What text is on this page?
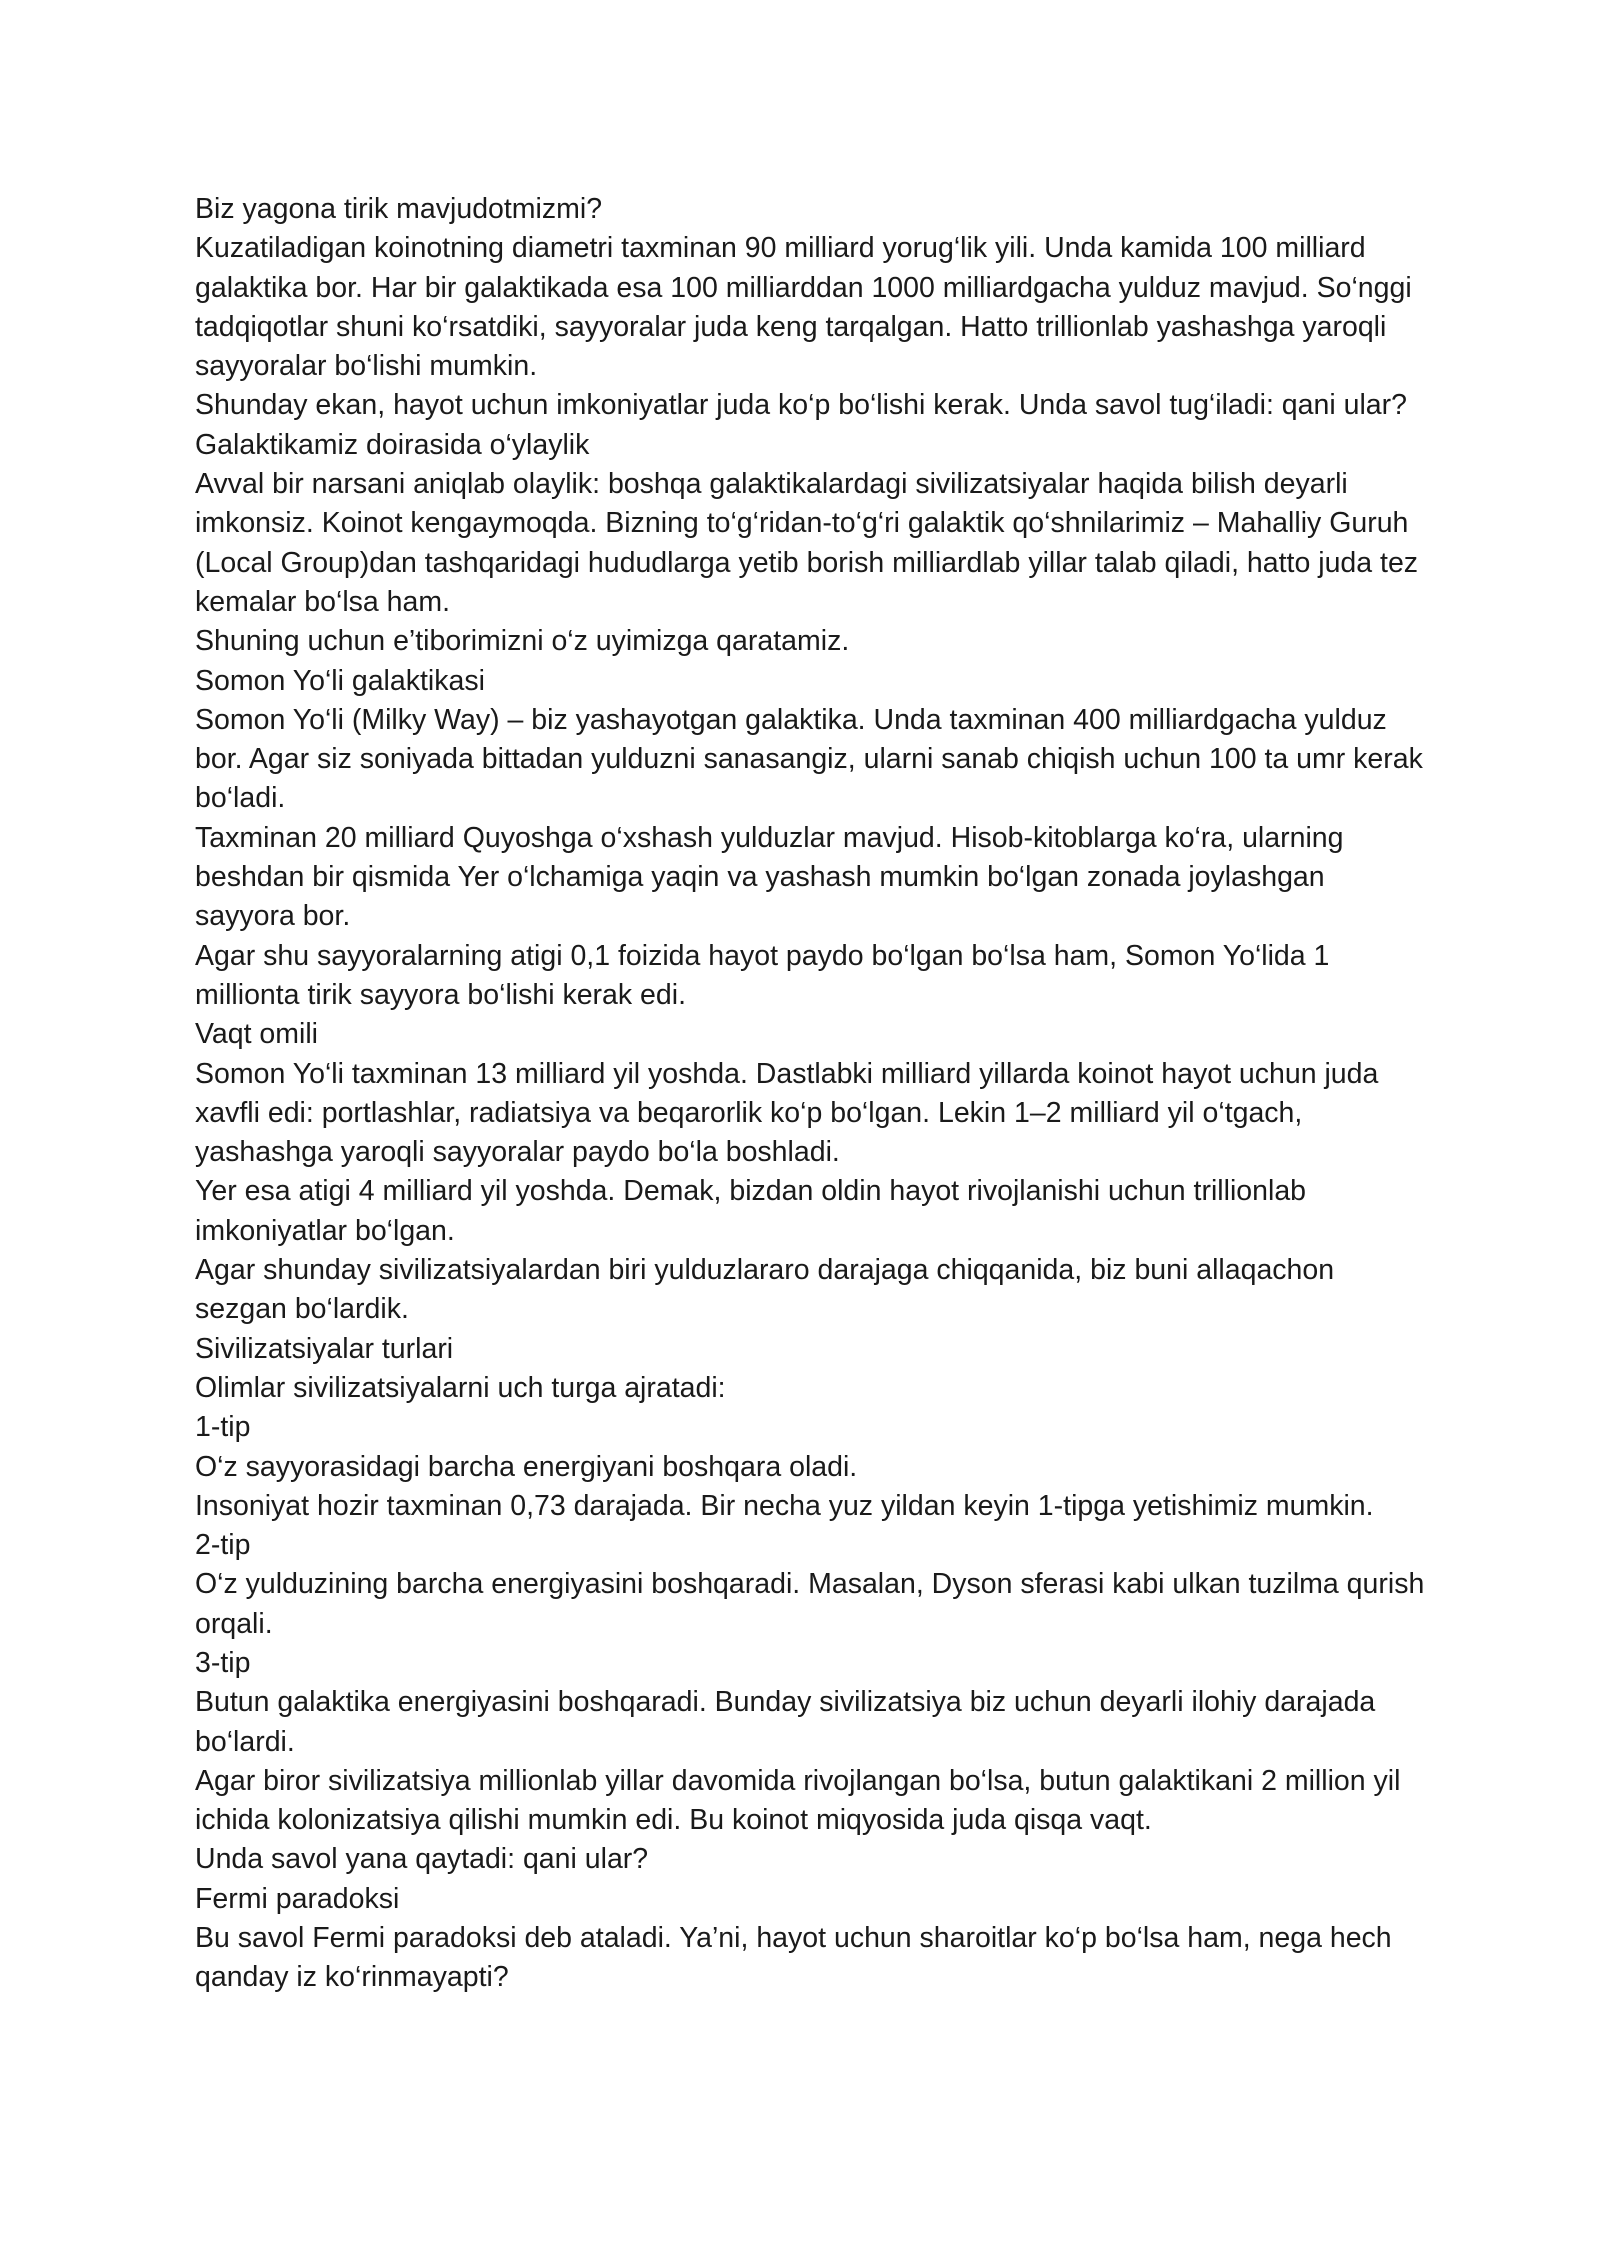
Biz yagona tirik mavjudotmizmi?

Kuzatiladigan koinotning diametri taxminan 90 milliard yorug‘lik yili. Unda kamida 100 milliard galaktika bor. Har bir galaktikada esa 100 milliarddan 1000 milliardgacha yulduz mavjud. So‘nggi tadqiqotlar shuni ko‘rsatdiki, sayyoralar juda keng tarqalgan. Hatto trillionlab yashashga yaroqli sayyoralar bo‘lishi mumkin.

Shunday ekan, hayot uchun imkoniyatlar juda ko‘p bo‘lishi kerak. Unda savol tug‘iladi: qani ular?

Galaktikamiz doirasida o‘ylaylik

Avval bir narsani aniqlab olaylik: boshqa galaktikalardagi sivilizatsiyalar haqida bilish deyarli imkonsiz. Koinot kengaymoqda. Bizning to‘g‘ridan-to‘g‘ri galaktik qo‘shnilarimiz – Mahalliy Guruh (Local Group)dan tashqaridagi hududlarga yetib borish milliardlab yillar talab qiladi, hatto juda tez kemalar bo‘lsa ham.

Shuning uchun e’tiborimizni o‘z uyimizga qaratamiz.

Somon Yo‘li galaktikasi

Somon Yo‘li (Milky Way) – biz yashayotgan galaktika. Unda taxminan 400 milliardgacha yulduz bor. Agar siz soniyada bittadan yulduzni sanasangiz, ularni sanab chiqish uchun 100 ta umr kerak bo‘ladi.

Taxminan 20 milliard Quyoshga o‘xshash yulduzlar mavjud. Hisob-kitoblarga ko‘ra, ularning beshdan bir qismida Yer o‘lchamiga yaqin va yashash mumkin bo‘lgan zonada joylashgan sayyora bor.

Agar shu sayyoralarning atigi 0,1 foizida hayot paydo bo‘lgan bo‘lsa ham, Somon Yo‘lida 1 millionta tirik sayyora bo‘lishi kerak edi.

Vaqt omili

Somon Yo‘li taxminan 13 milliard yil yoshda. Dastlabki milliard yillarda koinot hayot uchun juda xavfli edi: portlashlar, radiatsiya va beqarorlik ko‘p bo‘lgan. Lekin 1–2 milliard yil o‘tgach, yashashga yaroqli sayyoralar paydo bo‘la boshladi.

Yer esa atigi 4 milliard yil yoshda. Demak, bizdan oldin hayot rivojlanishi uchun trillionlab imkoniyatlar bo‘lgan.

Agar shunday sivilizatsiyalardan biri yulduzlararo darajaga chiqqanida, biz buni allaqachon sezgan bo‘lardik.

Sivilizatsiyalar turlari

Olimlar sivilizatsiyalarni uch turga ajratadi:

1-tip

O‘z sayyorasidagi barcha energiyani boshqara oladi.

Insoniyat hozir taxminan 0,73 darajada. Bir necha yuz yildan keyin 1-tipga yetishimiz mumkin.

2-tip

O‘z yulduzining barcha energiyasini boshqaradi. Masalan, Dyson sferasi kabi ulkan tuzilma qurish orqali.

3-tip

Butun galaktika energiyasini boshqaradi. Bunday sivilizatsiya biz uchun deyarli ilohiy darajada bo‘lardi.

Agar biror sivilizatsiya millionlab yillar davomida rivojlangan bo‘lsa, butun galaktikani 2 million yil ichida kolonizatsiya qilishi mumkin edi. Bu koinot miqyosida juda qisqa vaqt.

Unda savol yana qaytadi: qani ular?

Fermi paradoksi

Bu savol Fermi paradoksi deb ataladi. Ya’ni, hayot uchun sharoitlar ko‘p bo‘lsa ham, nega hech qanday iz ko‘rinmayapti?
